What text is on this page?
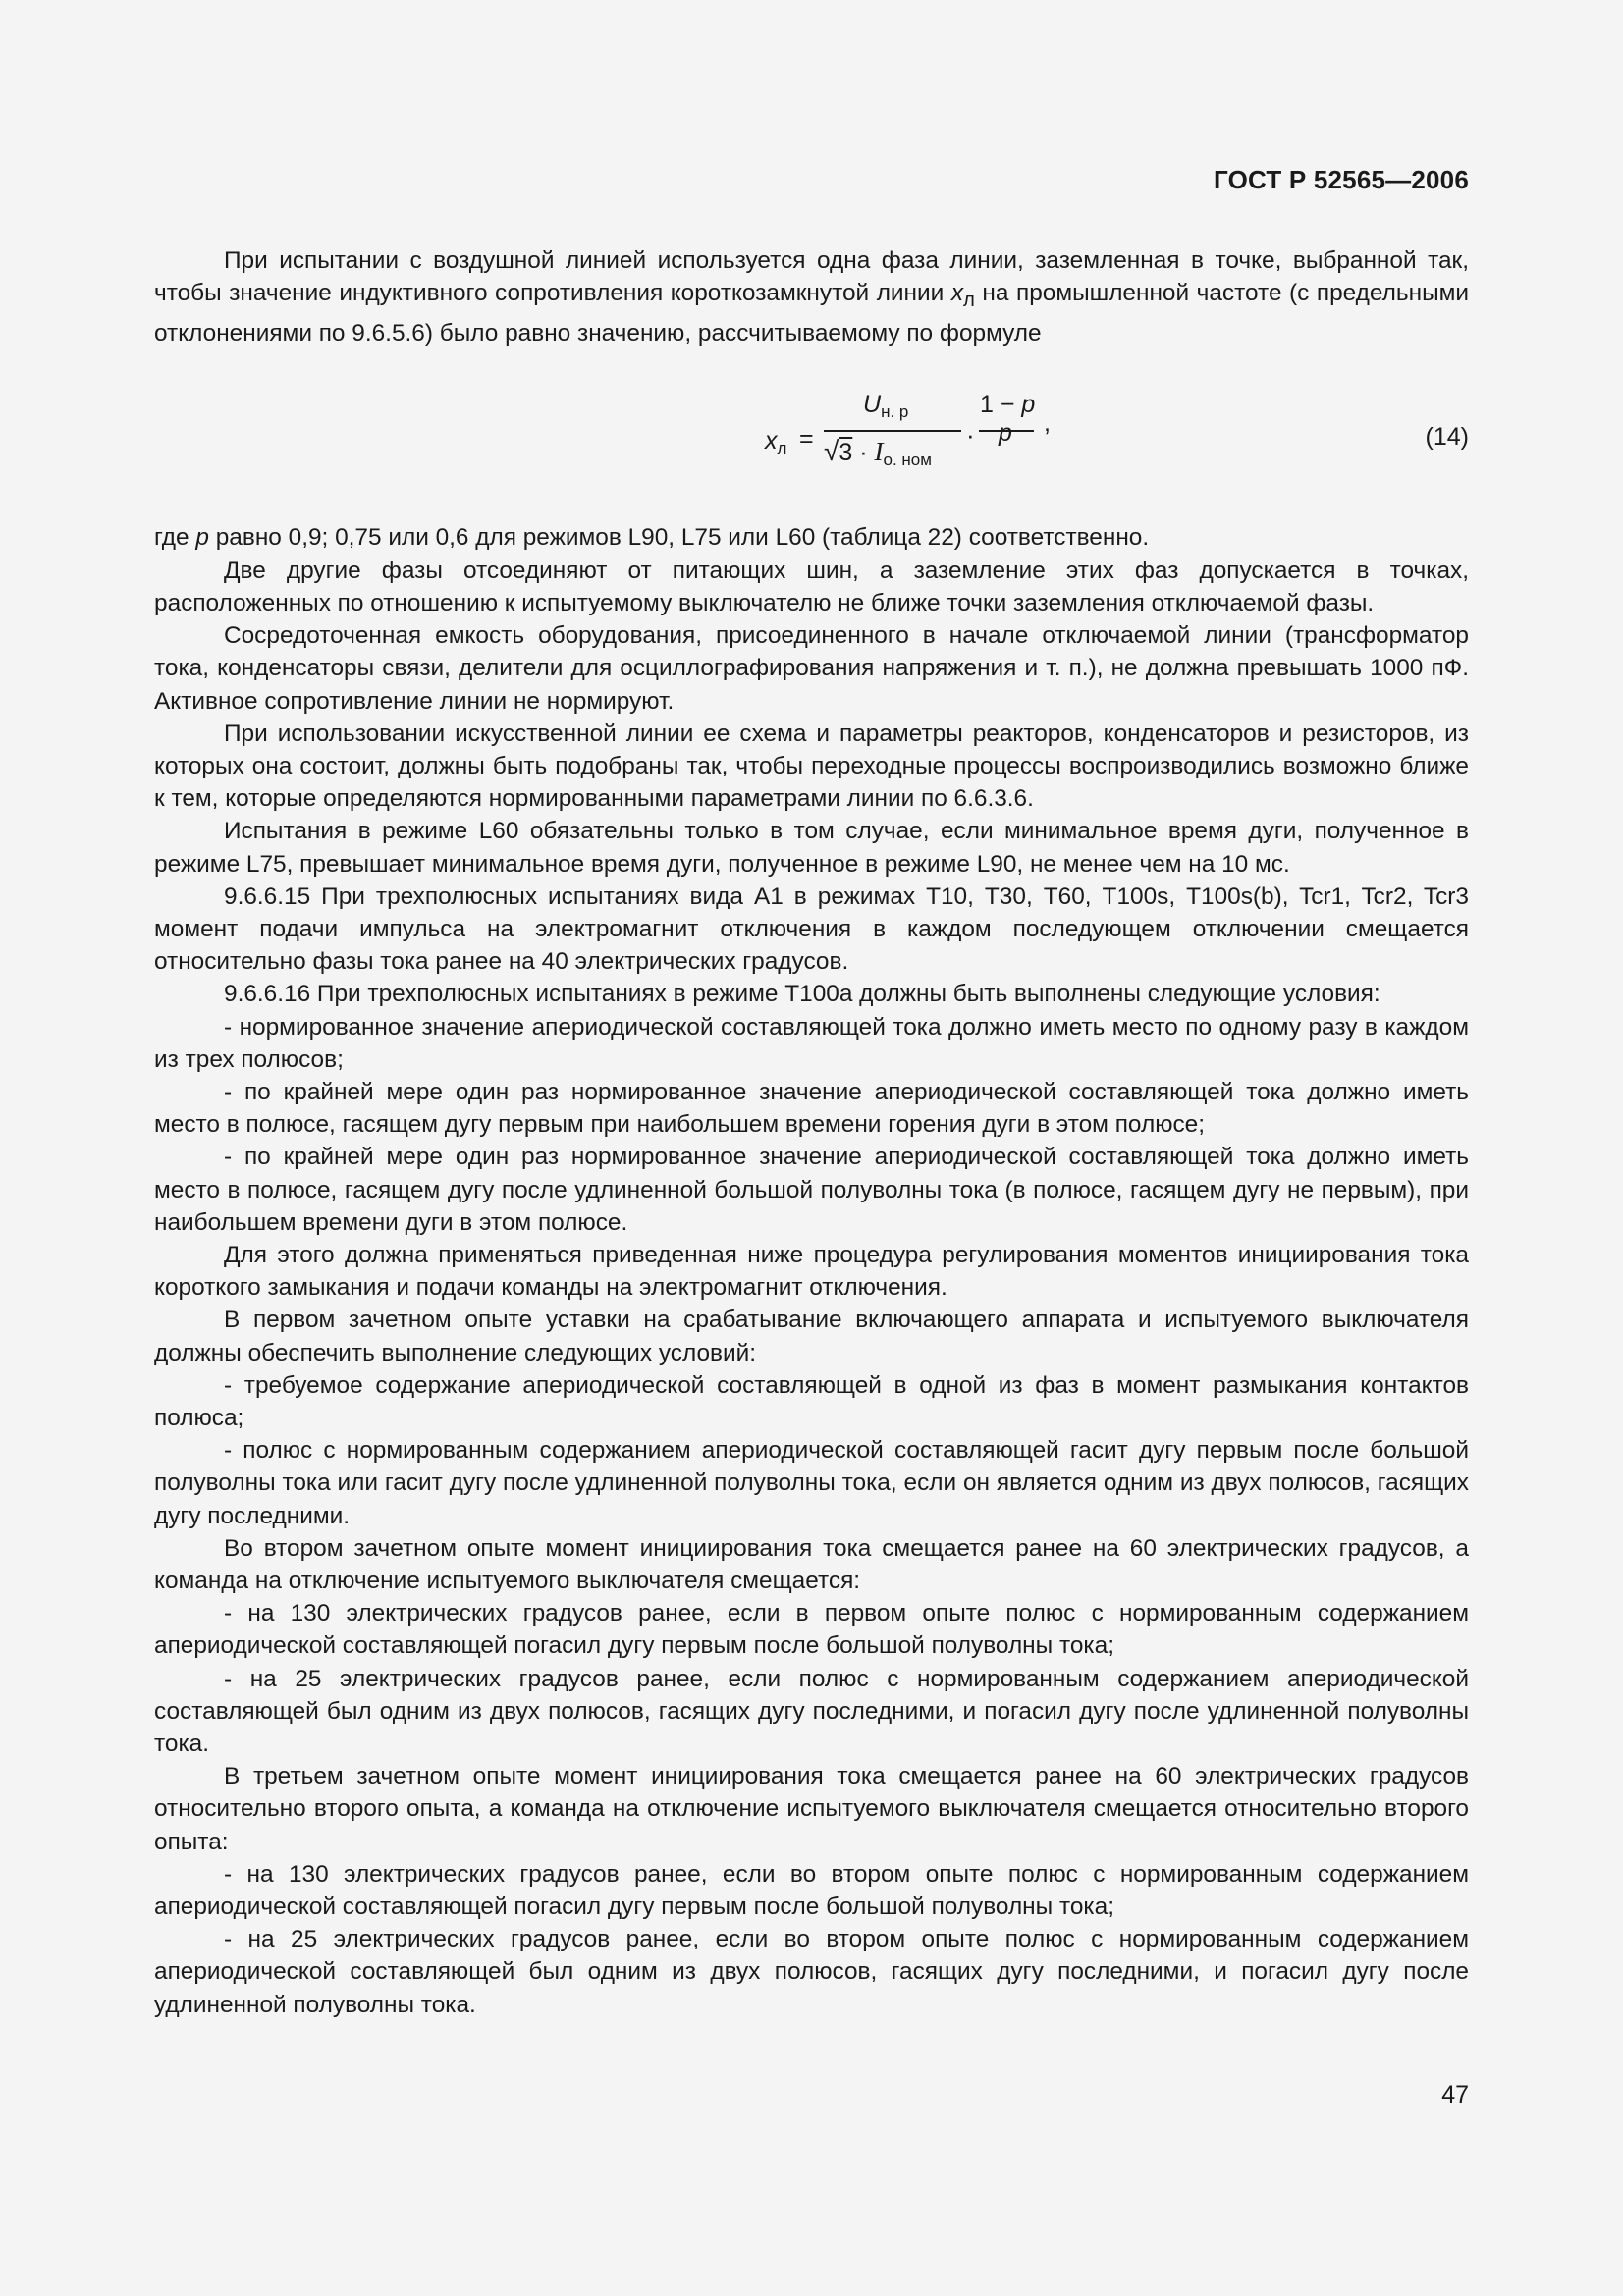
ГОСТ Р 52565—2006

При испытании с воздушной линией используется одна фаза линии, заземленная в точке, выбранной так, чтобы значение индуктивного сопротивления короткозамкнутой линии $x_л$ на промышленной частоте (с предельными отклонениями по 9.6.5.6) было равно значению, рассчитываемому по формуле

$x_л$ =
$U_{н. р}$
$√3 \cdot I_{о. ном}$
·
1 − p
p ,	(14)

где p равно 0,9; 0,75 или 0,6 для режимов L90, L75 или L60 (таблица 22) соответственно.

Две другие фазы отсоединяют от питающих шин, а заземление этих фаз допускается в точках, расположенных по отношению к испытуемому выключателю не ближе точки заземления отключаемой фазы.

Сосредоточенная емкость оборудования, присоединенного в начале отключаемой линии (трансформатор тока, конденсаторы связи, делители для осциллографирования напряжения и т. п.), не должна превышать 1000 пФ. Активное сопротивление линии не нормируют.

При использовании искусственной линии ее схема и параметры реакторов, конденсаторов и резисторов, из которых она состоит, должны быть подобраны так, чтобы переходные процессы воспроизводились возможно ближе к тем, которые определяются нормированными параметрами линии по 6.6.3.6.

Испытания в режиме L60 обязательны только в том случае, если минимальное время дуги, полученное в режиме L75, превышает минимальное время дуги, полученное в режиме L90, не менее чем на 10 мс.

9.6.6.15 При трехполюсных испытаниях вида А1 в режимах Т10, Т30, Т60, Т100s, Т100s(b), Tcr1, Tcr2, Tcr3 момент подачи импульса на электромагнит отключения в каждом последующем отключении смещается относительно фазы тока ранее на 40 электрических градусов.

9.6.6.16 При трехполюсных испытаниях в режиме Т100а должны быть выполнены следующие условия:

- нормированное значение апериодической составляющей тока должно иметь место по одному разу в каждом из трех полюсов;

- по крайней мере один раз нормированное значение апериодической составляющей тока должно иметь место в полюсе, гасящем дугу первым при наибольшем времени горения дуги в этом полюсе;

- по крайней мере один раз нормированное значение апериодической составляющей тока должно иметь место в полюсе, гасящем дугу после удлиненной большой полуволны тока (в полюсе, гасящем дугу не первым), при наибольшем времени дуги в этом полюсе.

Для этого должна применяться приведенная ниже процедура регулирования моментов инициирования тока короткого замыкания и подачи команды на электромагнит отключения.

В первом зачетном опыте уставки на срабатывание включающего аппарата и испытуемого выключателя должны обеспечить выполнение следующих условий:

- требуемое содержание апериодической составляющей в одной из фаз в момент размыкания контактов полюса;

- полюс с нормированным содержанием апериодической составляющей гасит дугу первым после большой полуволны тока или гасит дугу после удлиненной полуволны тока, если он является одним из двух полюсов, гасящих дугу последними.

Во втором зачетном опыте момент инициирования тока смещается ранее на 60 электрических градусов, а команда на отключение испытуемого выключателя смещается:

- на 130 электрических градусов ранее, если в первом опыте полюс с нормированным содержанием апериодической составляющей погасил дугу первым после большой полуволны тока;

- на 25 электрических градусов ранее, если полюс с нормированным содержанием апериодической составляющей был одним из двух полюсов, гасящих дугу последними, и погасил дугу после удлиненной полуволны тока.

В третьем зачетном опыте момент инициирования тока смещается ранее на 60 электрических градусов относительно второго опыта, а команда на отключение испытуемого выключателя смещается относительно второго опыта:

- на 130 электрических градусов ранее, если во втором опыте полюс с нормированным содержанием апериодической составляющей погасил дугу первым после большой полуволны тока;

- на 25 электрических градусов ранее, если во втором опыте полюс с нормированным содержанием апериодической составляющей был одним из двух полюсов, гасящих дугу последними, и погасил дугу после удлиненной полуволны тока.

47
